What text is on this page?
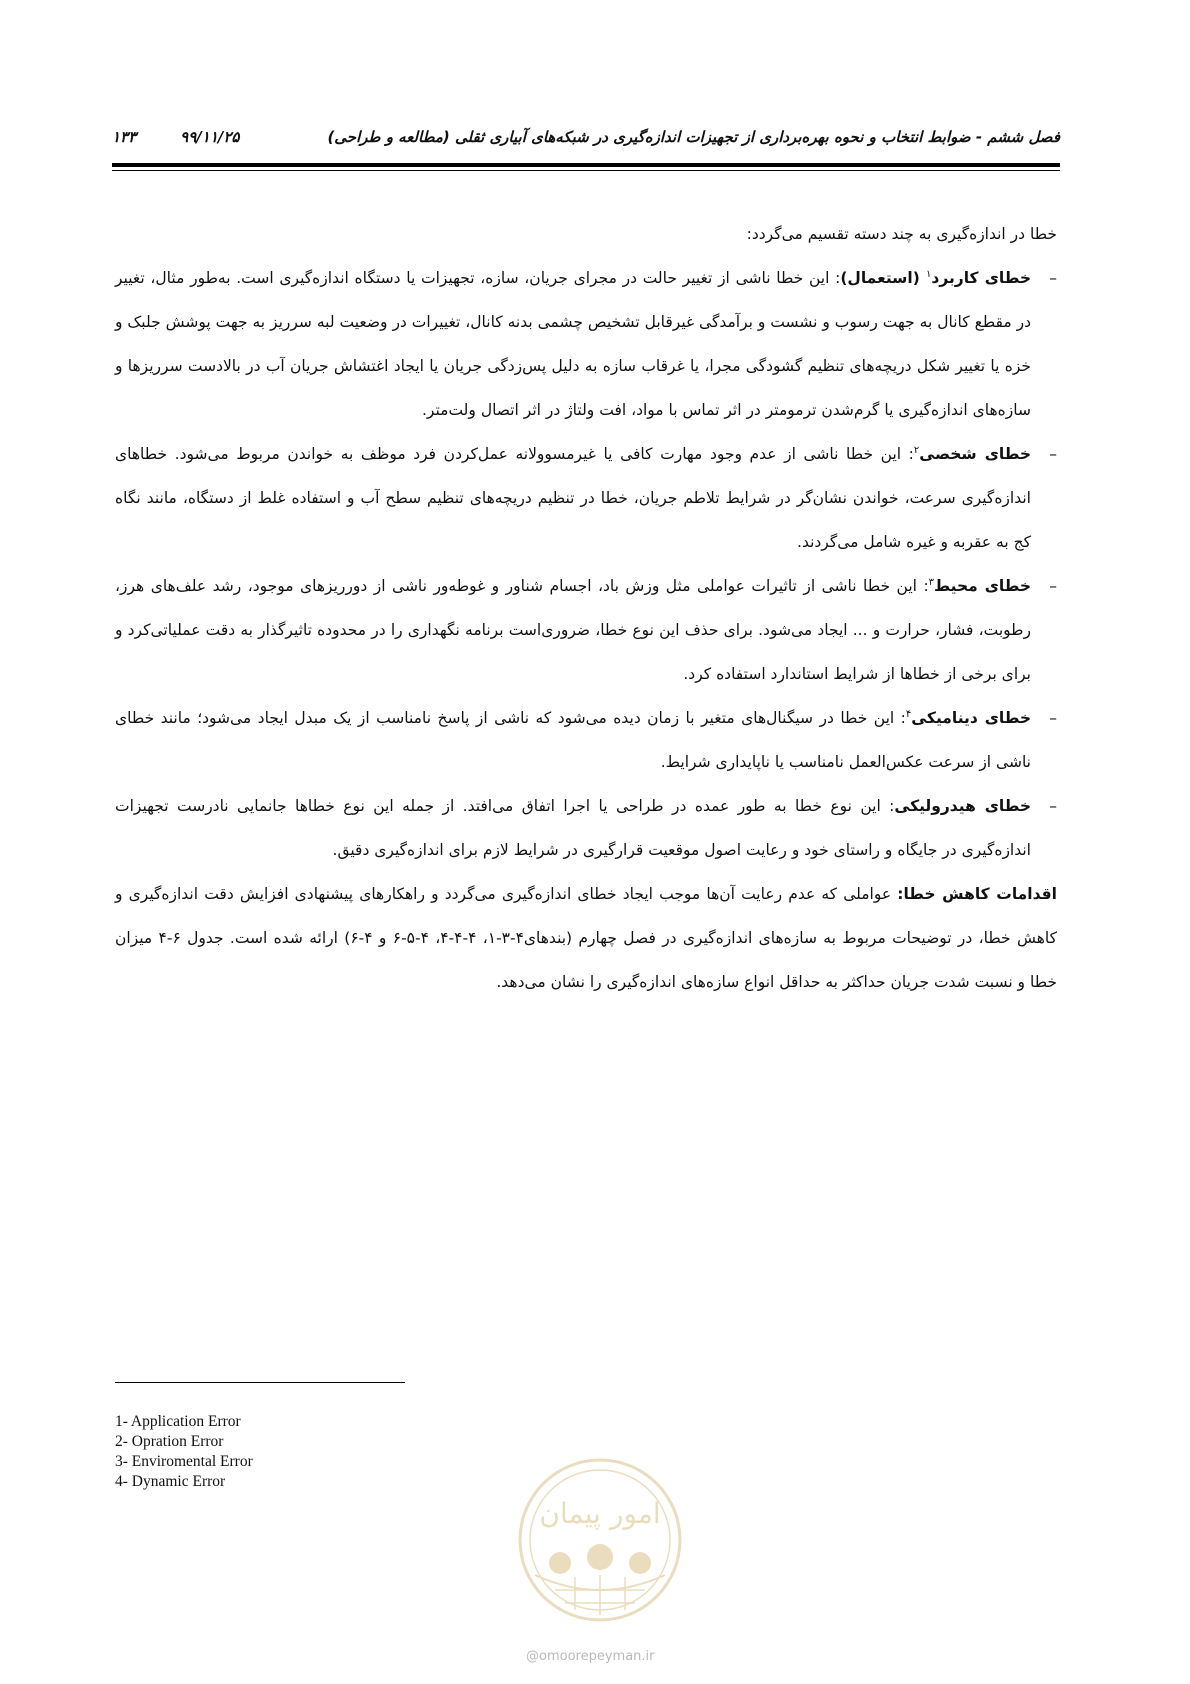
فصل ششم - ضوابط انتخاب و نحوه بهره‌برداری از تجهیزات اندازه‌گیری در شبکه‌های آبیاری ثقلی (مطالعه و طراحی)
۱۳۳	۹۹/۱۱/۲۵

خطا در اندازه‌گیری به چند دسته تقسیم می‌گردد:

–
خطای کاربرد$^۱$ (استعمال): این خطا ناشی از تغییر حالت در مجرای جریان، سازه، تجهیزات یا دستگاه اندازه‌گیری است. به‌طور مثال، تغییر در مقطع کانال به جهت رسوب و نشست و برآمدگی غیرقابل تشخیص چشمی بدنه کانال، تغییرات در وضعیت لبه سرریز به جهت پوشش جلبک و خزه یا تغییر شکل دریچه‌های تنظیم گشودگی مجرا، یا غرقاب سازه به دلیل پس‌زدگی جریان یا ایجاد اغتشاش جریان آب در بالادست سرریزها و سازه‌های اندازه‌گیری یا گرم‌شدن ترمومتر در اثر تماس با مواد، افت ولتاژ در اثر اتصال ولت‌متر.

–
خطای شخصی$^۲$: این خطا ناشی از عدم وجود مهارت کافی یا غیرمسوولانه عمل‌کردن فرد موظف به خواندن مربوط می‌شود. خطاهای اندازه‌گیری سرعت، خواندن نشان‌گر در شرایط تلاطم جریان، خطا در تنظیم دریچه‌های تنظیم سطح آب و استفاده غلط از دستگاه، مانند نگاه کج به عقربه و غیره شامل می‌گردند.

–
خطای محیط$^۳$: این خطا ناشی از تاثیرات عواملی مثل وزش باد، اجسام شناور و غوطه‌ور ناشی از دورریزهای موجود، رشد علف‌های هرز، رطوبت، فشار، حرارت و ... ایجاد می‌شود. برای حذف این نوع خطا، ضروری‌است برنامه نگهداری را در محدوده تاثیرگذار به دقت عملیاتی‌کرد و برای برخی از خطاها از شرایط استاندارد استفاده کرد.

–
خطای دینامیکی$^۴$: این خطا در سیگنال‌های متغیر با زمان دیده می‌شود که ناشی از پاسخ نامناسب از یک مبدل ایجاد می‌شود؛ مانند خطای ناشی از سرعت عکس‌العمل نامناسب یا ناپایداری شرایط.

–
خطای هیدرولیکی: این نوع خطا به طور عمده در طراحی یا اجرا اتفاق می‌افتد. از جمله این نوع خطاها جانمایی نادرست تجهیزات اندازه‌گیری در جایگاه و راستای خود و رعایت اصول موقعیت قرارگیری در شرایط لازم برای اندازه‌گیری دقیق.

اقدامات کاهش خطا: عواملی که عدم رعایت آن‌ها موجب ایجاد خطای اندازه‌گیری می‌گردد و راهکارهای پیشنهادی افزایش دقت اندازه‌گیری و کاهش خطا، در توضیحات مربوط به سازه‌های اندازه‌گیری در فصل چهارم (بندهای۴-۳-۱، ۴-۴-۴، ۴-۵-۶ و ۴-۶) ارائه شده است. جدول ۶-۴ میزان خطا و نسبت شدت جریان حداکثر به حداقل انواع سازه‌های اندازه‌گیری را نشان می‌دهد.

1- Application Error
2- Opration Error
3- Enviromental Error
4- Dynamic Error
امور پیمان
@omoorepeyman.ir
